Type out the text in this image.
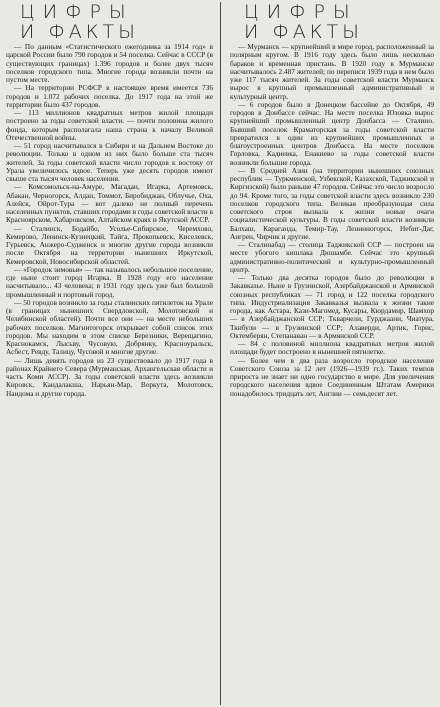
ЦИФРЫ
И ФАКТЫ

— По данным «Статистического ежегодника за 1914 год» в царской России было 790 городов и 54 поселка. Сейчас в СССР (в существующих границах) 1.396 городов и более двух тысяч поселков городского типа. Многие города возникли почти на пустом месте.

— На территории РСФСР в настоящее время имеется 736 городов и 1.072 рабочих поселка. До 1917 года на этой же территории было 437 городов.

— 113 миллионов квадратных метров жилой площади построено за годы советской власти. — почти половина жилого фонда, которым располагала наша страна к началу Великой Отечественной войны.

— 51 город насчитывался в Сибири и на Дальнем Востоке до революции. Только в одном из них было больше ста тысяч жителей. За годы советской власти число городов к востоку от Урала увеличилось вдвое. Теперь уже десять городов имеют свыше ста тысяч человек населения.

— Комсомольск-на-Амуре, Магадан, Игарка, Артемовск, Абакан, Черногорск, Алдан, Томмот, Биробиджан, Облучье, Оха, Алейск, Ойрот-Тура — вот далеко не полный перечень населенных пунктов, ставших городами в годы советской власти в Красноярском, Хабаровском, Алтайском краях и Якутской АССР.

— Сталинск, Бодайбо, Усолье-Сибирское, Черемхово, Кемерово, Ленинск-Кузнецкий, Тайга, Прокопьевск, Киселевск, Гурьевск, Анжеро-Судженск и многие другие города возникли после Октября на территории нынешних Иркутской, Кемеровской, Новосибирской областей.

— «Городок зимовья» — так называлось небольшое поселение, где ныне стоит город Игарка. В 1928 году его население насчитывало... 43 человека; в 1931 году здесь уже был большой промышленный и портовый город.

— 50 городов возникло за годы сталинских пятилеток на Урале (в границах нынешних Свердловской, Молотовской и Челябинской областей). Почти все они — на месте небольших рабочих поселков. Магнитогорск открывает собой список этих городов. Мы находим в этом списке Березники, Верещагино, Краснокамск, Лысьву, Чусовую, Добрянку, Красноуральск, Асбест, Ревду, Талицу, Чусовой и многие другие.

— Лишь девять городов из 23 существовало до 1917 года в районах Крайнего Севера (Мурманская, Архангельская области и часть Коми АССР). За годы советской власти здесь возникли Кировск, Кандалакша, Нарьян-Мар, Воркута, Молотовск, Наидома и другие города.

ЦИФРЫ
И ФАКТЫ

— Мурманск — крупнейший в мире город, расположенный за полярным кругом. В 1916 году здесь было лишь несколько бараков и временная пристань. В 1920 году в Мурманске насчитывалось 2.487 жителей; по переписи 1939 года в нем было уже 117 тысяч жителей. За годы советской власти Мурманск вырос в крупный промышленный административный и культурный центр.

— 6 городов было в Донецком бассейне до Октября, 49 городов в Донбассе сейчас. На месте поселка Юзовка вырос крупнейший промышленный центр Донбасса — Сталино. Бывший поселок Краматорская за годы советской власти превратился в один из крупнейших промышленных и благоустроенных центров Донбасса. На месте поселков Горловка, Кадиевка, Енакиево за годы советской власти возникли большие города.

— В Средней Азии (на территории нынешних союзных республик — Туркменской, Узбекской, Казахской, Таджикской и Киргизской) было раньше 47 городов. Сейчас это число возросло до 94. Кроме того, за годы советской власти здесь возникло 230 поселков городского типа. Великая преобразующая сила советского строя вызвала к жизни новые очаги социалистической культуры. В годы советской власти возникли Балхаш, Караганда, Темир-Тау, Ленинногорск, Небит-Даг, Ангрен, Чирчик и другие.

— Сталинабад — столица Таджикской ССР — построен на месте убогого кишлака Дюшамбе. Сейчас это крупный административно-политический и культурно-промышленный центр.

— Только два десятка городов было до революции в Закавказье. Ныне в Грузинской, Азербайджанской и Армянской союзных республиках — 71 город и 122 поселка городского типа. Индустриализация Закавказья вызвала к жизни такие города, как Астара, Кази-Магомед, Кусары, Кюрдамир, Шамхор — в Азербайджанской ССР; Ткварчели, Гурджаани, Чиатура, Ткибули — в Грузинской ССР; Алаверди, Артик, Горис, Октемберян, Степанаван — в Армянской ССР.

— 84 с половиной миллиона квадратных метров жилой площади будет построено в нынешней пятилетке.

— Более чем в два раза возросло городское население Советского Союза за 12 лет (1926—1939 гг.). Таких темпов прироста не знает ни одно государство в мире. Для увеличения городского населения вдвое Соединенным Штатам Америки понадобилось тридцать лет, Англии — семьдесят лет.
